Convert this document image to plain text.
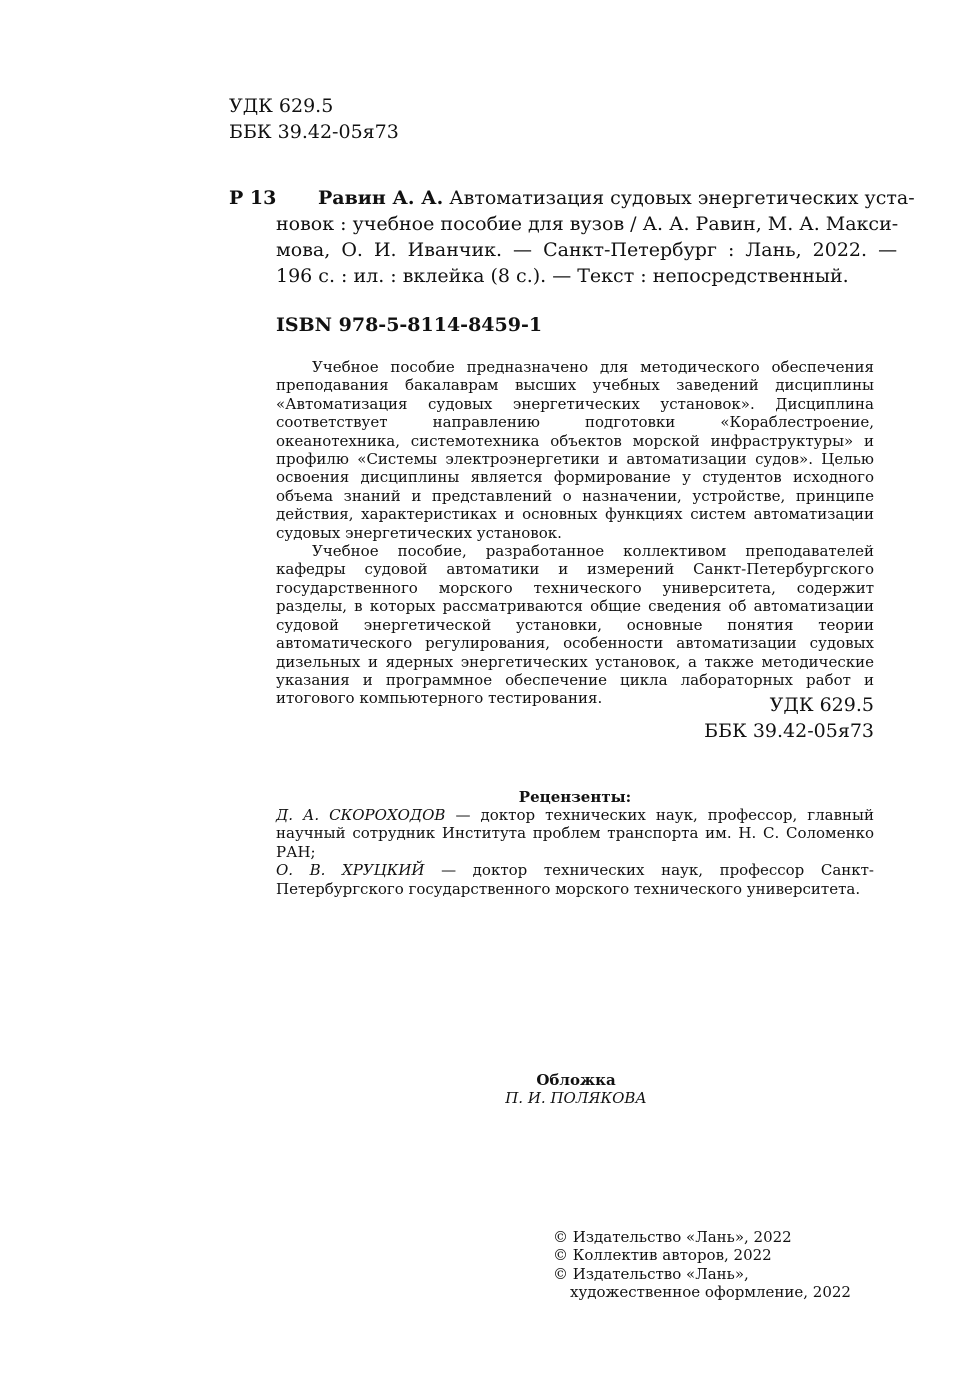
УДК 629.5
ББК 39.42-05я73
Р 13 Равин А. А. Автоматизация судовых энергетических уста-
новок : учебное пособие для вузов / А. А. Равин, М. А. Макси-
мова, О. И. Иванчик. — Санкт-Петербург : Лань, 2022. —
196 с. : ил. : вклейка (8 с.). — Текст : непосредственный.
ISBN 978-5-8114-8459-1

Учебное пособие предназначено для методического обеспечения преподавания бакалаврам высших учебных заведений дисциплины «Автоматизация судовых энергетических установок». Дисциплина соответствует направлению подготовки «Кораблестроение, океанотехника, системотехника объектов морской инфраструктуры» и профилю «Системы электроэнергетики и автоматизации судов». Целью освоения дисциплины является формирование у студентов исходного объема знаний и представлений о назначении, устройстве, принципе действия, характеристиках и основных функциях систем автоматизации судовых энергетических установок.

Учебное пособие, разработанное коллективом преподавателей кафедры судовой автоматики и измерений Санкт-Петербургского государственного морского технического университета, содержит разделы, в которых рассматриваются общие сведения об автоматизации судовой энергетической установки, основные понятия теории автоматического регулирования, особенности автоматизации судовых дизельных и ядерных энергетических установок, а также методические указания и программное обеспечение цикла лабораторных работ и итогового компьютерного тестирования.	УДК 629.5
ББК 39.42-05я73
Рецензенты:

Д. А. СКОРОХОДОВ — доктор технических наук, профессор, главный научный сотрудник Института проблем транспорта им. Н. С. Соломенко РАН;

О. В. ХРУЦКИЙ — доктор технических наук, профессор Санкт-Петербургского государственного морского технического университета.

Обложка
П. И. ПОЛЯКОВА
© Издательство «Лань», 2022
© Коллектив авторов, 2022
© Издательство «Лань»,
художественное оформление, 2022
